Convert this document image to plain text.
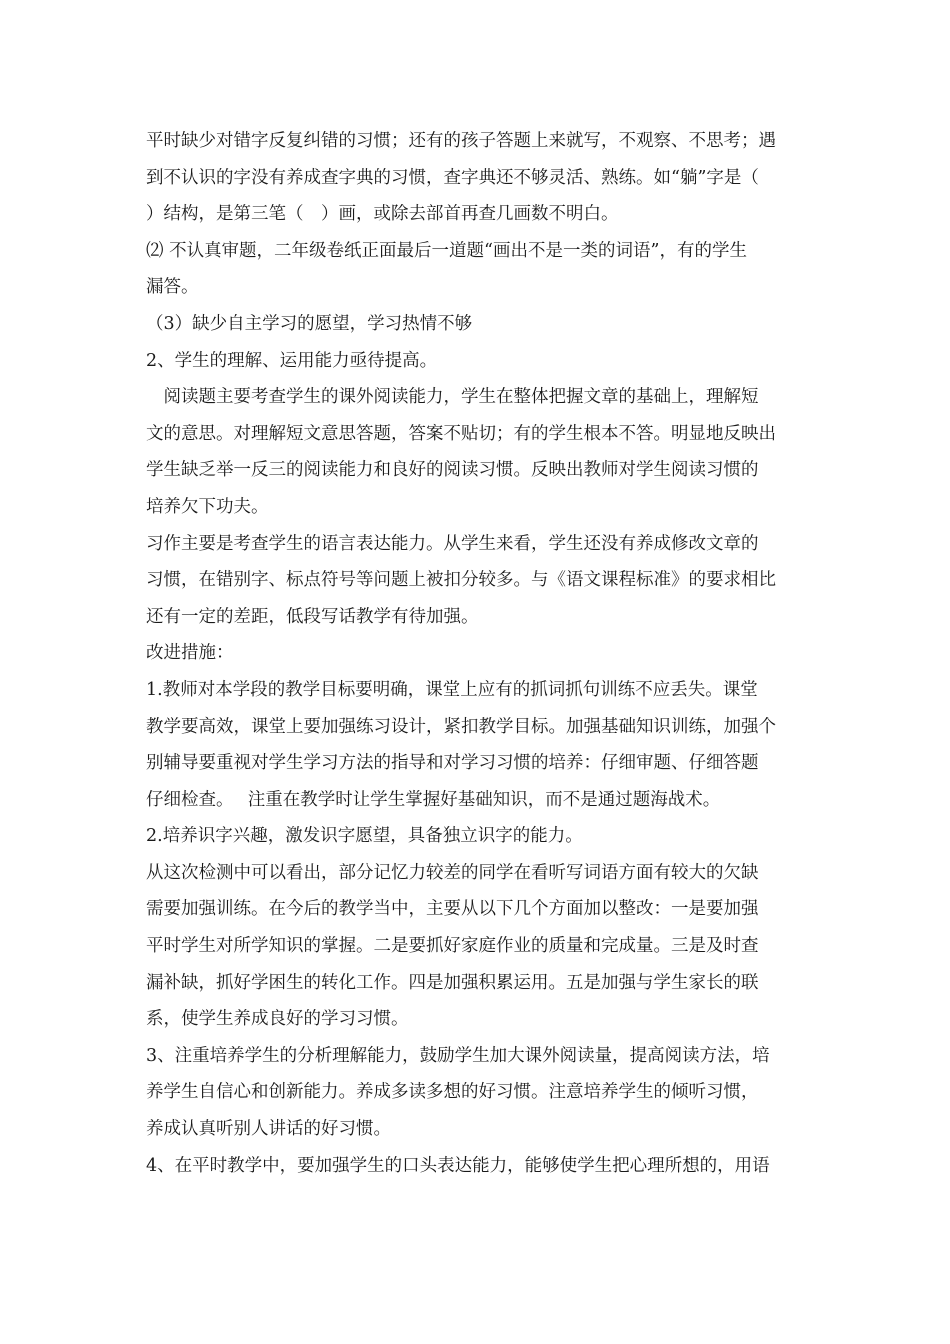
平时缺少对错字反复纠错的习惯；还有的孩子答题上来就写，不观察、不思考；遇
到不认识的字没有养成查字典的习惯，查字典还不够灵活、熟练。如“躺”字是（
）结构，是第三笔（　）画，或除去部首再查几画数不明白。
⑵ 不认真审题，二年级卷纸正面最后一道题“画出不是一类的词语”，有的学生
漏答。
（3）缺少自主学习的愿望，学习热情不够
2、学生的理解、运用能力亟待提高。
　阅读题主要考查学生的课外阅读能力，学生在整体把握文章的基础上，理解短
文的意思。对理解短文意思答题，答案不贴切；有的学生根本不答。明显地反映出
学生缺乏举一反三的阅读能力和良好的阅读习惯。反映出教师对学生阅读习惯的
培养欠下功夫。
习作主要是考查学生的语言表达能力。从学生来看，学生还没有养成修改文章的
习惯，在错别字、标点符号等问题上被扣分较多。与《语文课程标准》的要求相比
还有一定的差距，低段写话教学有待加强。
改进措施：
1.教师对本学段的教学目标要明确，课堂上应有的抓词抓句训练不应丢失。课堂
教学要高效，课堂上要加强练习设计，紧扣教学目标。加强基础知识训练，加强个
别辅导要重视对学生学习方法的指导和对学习习惯的培养：仔细审题、仔细答题
仔细检查。　 注重在教学时让学生掌握好基础知识，而不是通过题海战术。
2.培养识字兴趣，激发识字愿望，具备独立识字的能力。
从这次检测中可以看出，部分记忆力较差的同学在看听写词语方面有较大的欠缺
需要加强训练。在今后的教学当中，主要从以下几个方面加以整改：一是要加强
平时学生对所学知识的掌握。二是要抓好家庭作业的质量和完成量。三是及时查
漏补缺，抓好学困生的转化工作。四是加强积累运用。五是加强与学生家长的联
系，使学生养成良好的学习习惯。
3、注重培养学生的分析理解能力，鼓励学生加大课外阅读量，提高阅读方法，培
养学生自信心和创新能力。养成多读多想的好习惯。注意培养学生的倾听习惯，
养成认真听别人讲话的好习惯。
4、在平时教学中，要加强学生的口头表达能力，能够使学生把心理所想的，用语
